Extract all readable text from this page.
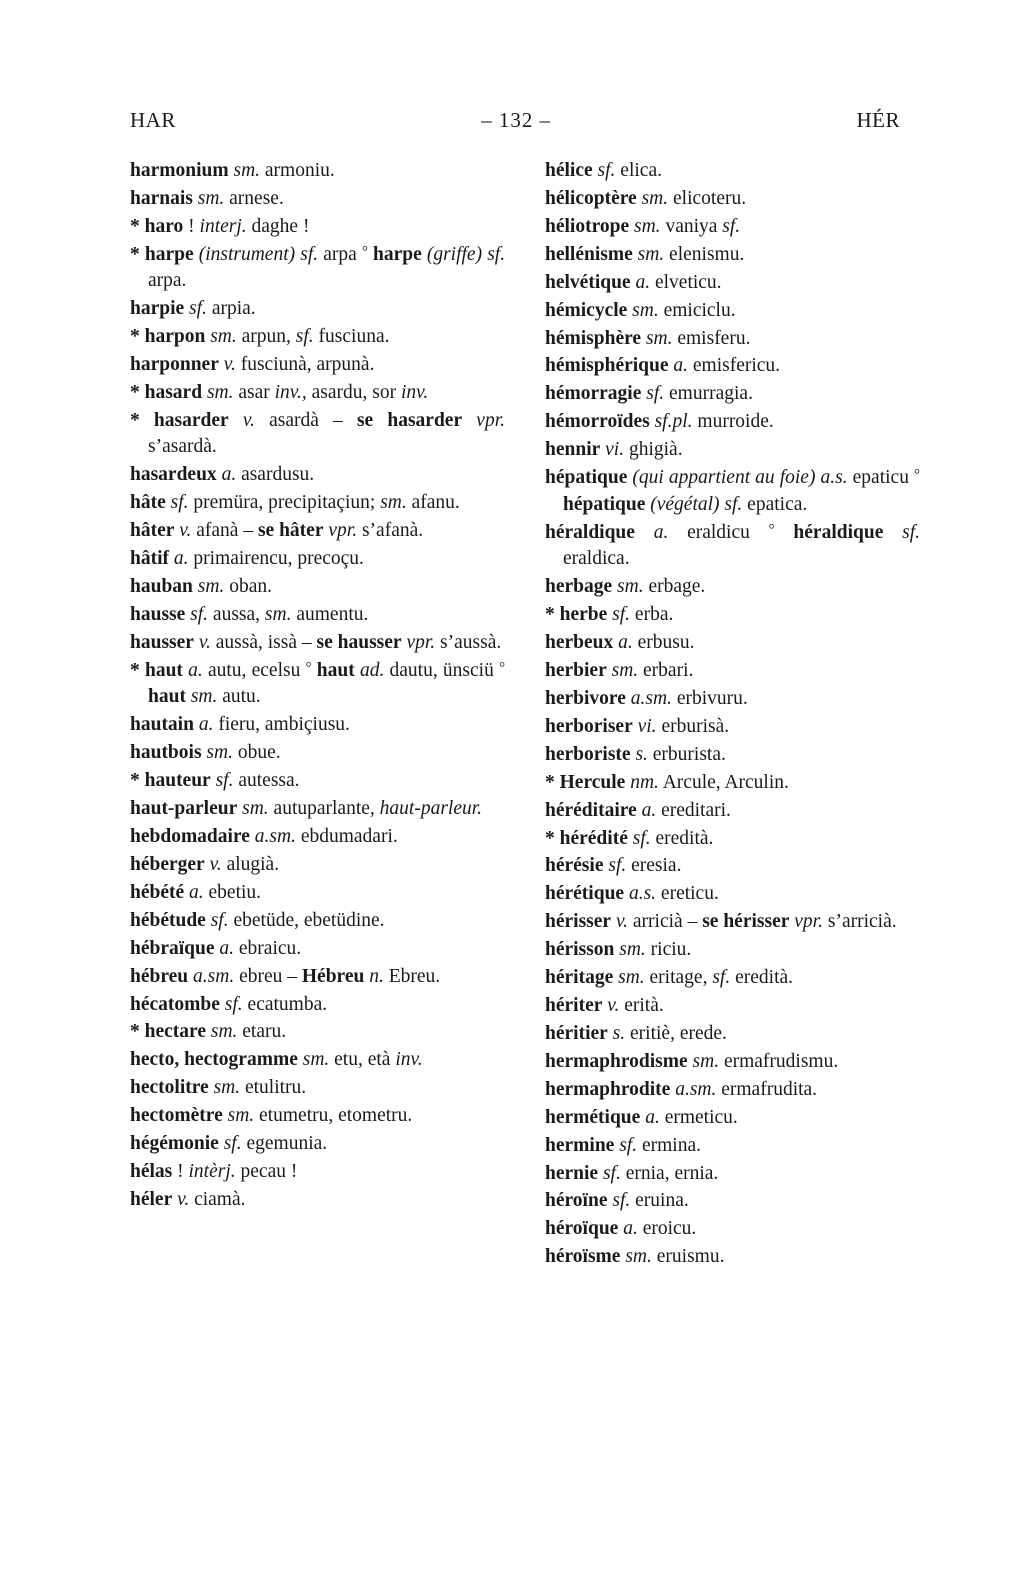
HAR	– 132 –	HÉR
harmonium sm. armoniu.
harnais sm. arnese.
* haro ! interj. daghe !
* harpe (instrument) sf. arpa ° harpe (griffe) sf. arpa.
harpie sf. arpia.
* harpon sm. arpun, sf. fusciuna.
harponner v. fusciunà, arpunà.
* hasard sm. asar inv., asardu, sor inv.
* hasarder v. asardà – se hasarder vpr. s’asardà.
hasardeux a. asardusu.
hâte sf. premüra, precipitaçiun; sm. afanu.
hâter v. afanà – se hâter vpr. s’afanà.
hâtif a. primairencu, precoçu.
hauban sm. oban.
hausse sf. aussa, sm. aumentu.
hausser v. aussà, issà – se hausser vpr. s’aussà.
* haut a. autu, ecelsu ° haut ad. dautu, ünsciü ° haut sm. autu.
hautain a. fieru, ambiçiusu.
hautbois sm. obue.
* hauteur sf. autessa.
haut-parleur sm. autuparlante, haut-parleur.
hebdomadaire a.sm. ebdumadari.
héberger v. alugià.
hébété a. ebetiu.
hébétude sf. ebetüde, ebetüdine.
hébraïque a. ebraicu.
hébreu a.sm. ebreu – Hébreu n. Ebreu.
hécatombe sf. ecatumba.
* hectare sm. etaru.
hecto, hectogramme sm. etu, età inv.
hectolitre sm. etulitru.
hectomètre sm. etumetru, etometru.
hégémonie sf. egemunia.
hélas ! intèrj. pecau !
héler v. ciamà.
hélice sf. elica.
hélicoptère sm. elicoteru.
héliotrope sm. vaniya sf.
hellénisme sm. elenismu.
helvétique a. elveticu.
hémicycle sm. emiciclu.
hémisphère sm. emisferu.
hémisphérique a. emisfericu.
hémorragie sf. emurragia.
hémorroïdes sf.pl. murroide.
hennir vi. ghigià.
hépatique (qui appartient au foie) a.s. epaticu ° hépatique (végétal) sf. epatica.
héraldique a. eraldicu ° héraldique sf. eraldica.
herbage sm. erbage.
* herbe sf. erba.
herbeux a. erbusu.
herbier sm. erbari.
herbivore a.sm. erbivuru.
herboriser vi. erburisà.
herboriste s. erburista.
* Hercule nm. Arcule, Arculin.
héréditaire a. ereditari.
* hérédité sf. eredità.
hérésie sf. eresia.
hérétique a.s. ereticu.
hérisser v. arricià – se hérisser vpr. s’arricià.
hérisson sm. riciu.
héritage sm. eritage, sf. eredità.
hériter v. erità.
héritier s. eritiè, erede.
hermaphrodisme sm. ermafrudismu.
hermaphrodite a.sm. ermafrudita.
hermétique a. ermeticu.
hermine sf. ermina.
hernie sf. ernia, ernia.
héroïne sf. eruina.
héroïque a. eroicu.
héroïsme sm. eruismu.
